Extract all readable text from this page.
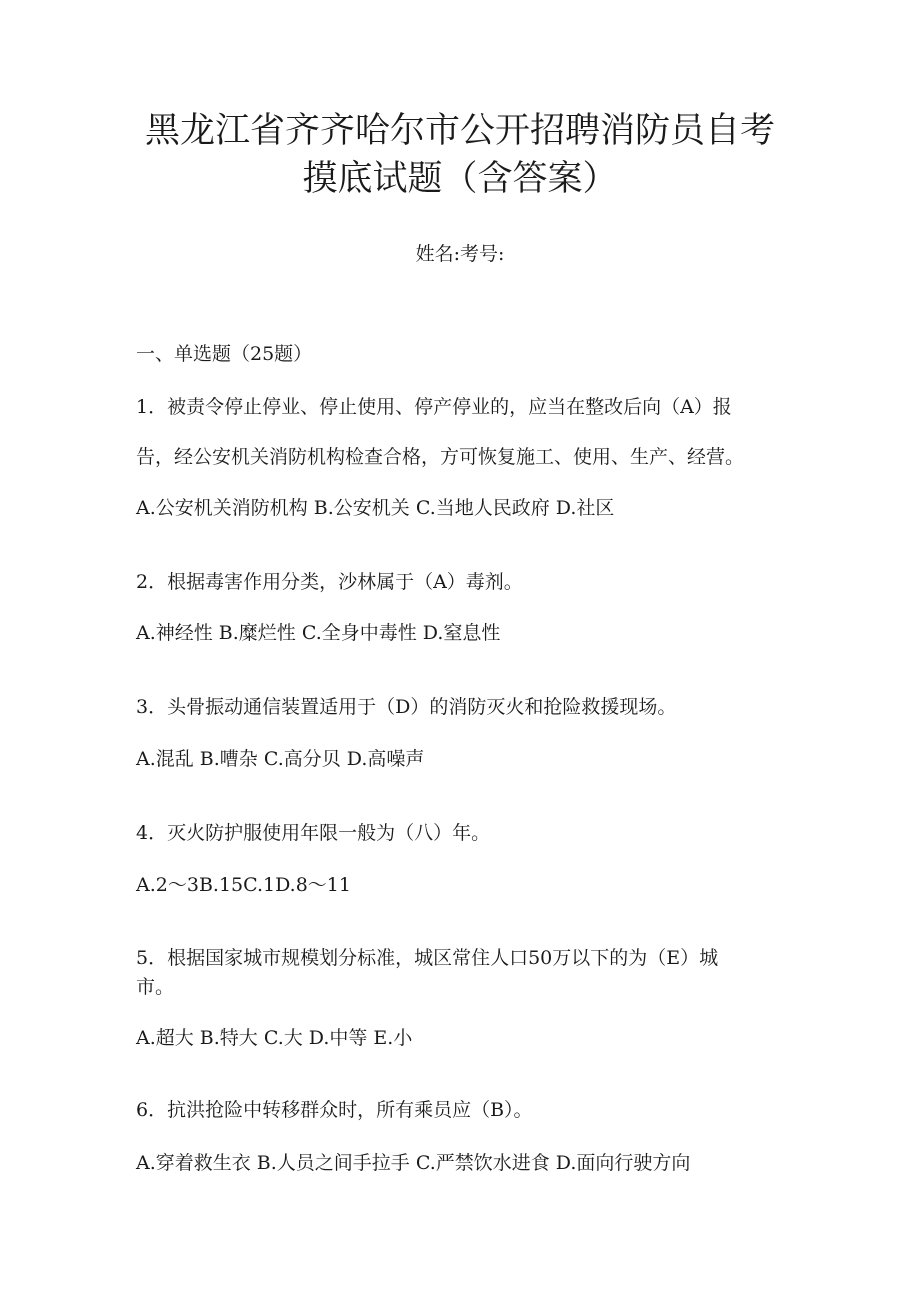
黑龙江省齐齐哈尔市公开招聘消防员自考
摸底试题（含答案）
姓名:考号:
一、单选题（25题）
1．被责令停止停业、停止使用、停产停业的，应当在整改后向（A）报
告，经公安机关消防机构检查合格，方可恢复施工、使用、生产、经营。
A.公安机关消防机构 B.公安机关 C.当地人民政府 D.社区
2．根据毒害作用分类，沙林属于（A）毒剂。
A.神经性 B.糜烂性 C.全身中毒性 D.窒息性
3．头骨振动通信装置适用于（D）的消防灭火和抢险救援现场。
A.混乱 B.嘈杂 C.高分贝 D.高噪声
4．灭火防护服使用年限一般为（八）年。
A.2～3B.15C.1D.8～11
5．根据国家城市规模划分标准，城区常住人口50万以下的为（E）城
市。
A.超大 B.特大 C.大 D.中等 E.小
6．抗洪抢险中转移群众时，所有乘员应（B）。
A.穿着救生衣 B.人员之间手拉手 C.严禁饮水进食 D.面向行驶方向
